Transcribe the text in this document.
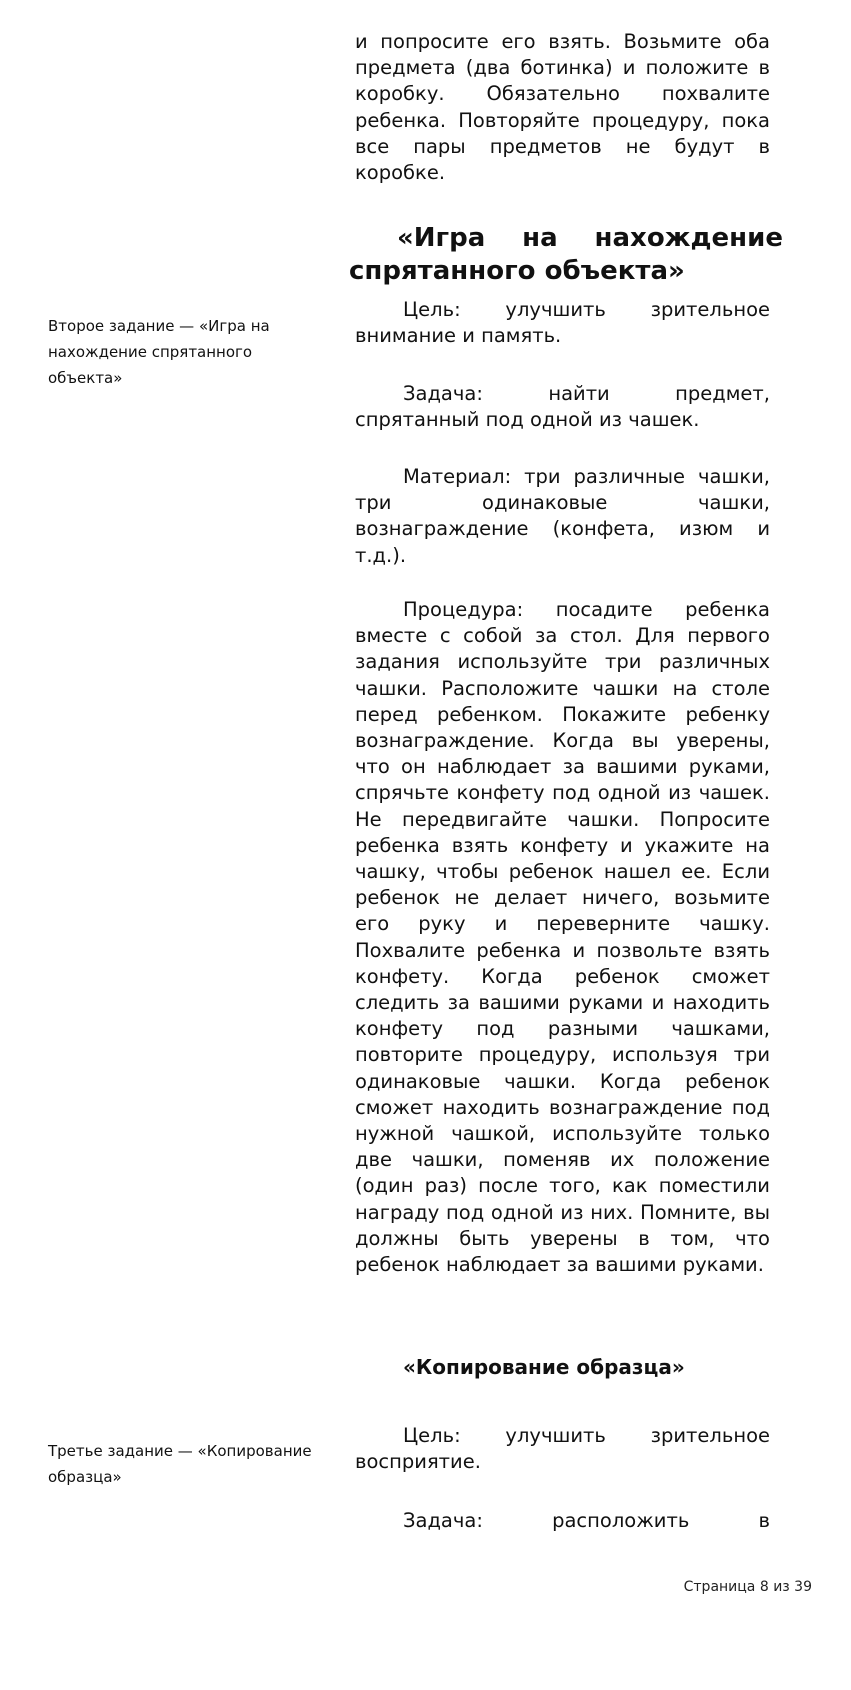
и попросите его взять. Возьмите оба предмета (два ботинка) и положите в коробку. Обязательно похвалите ребенка. Повторяйте процедуру, пока все пары предметов не будут в коробке.

«Игра на нахождение спрятанного объекта»

Второе задание — «Игра на нахождение спрятанного объекта»

Цель: улучшить зрительное внимание и память.

Задача: найти предмет, спрятанный под одной из чашек.

Материал: три различные чашки, три одинаковые чашки, вознаграждение (конфета, изюм и т.д.).

Процедура: посадите ребенка вместе с собой за стол. Для первого задания используйте три различных чашки. Расположите чашки на столе перед ребенком. Покажите ребенку вознаграждение. Когда вы уверены, что он наблюдает за вашими руками, спрячьте конфету под одной из чашек. Не передвигайте чашки. Попросите ребенка взять конфету и укажите на чашку, чтобы ребенок нашел ее. Если ребенок не делает ничего, возьмите его руку и переверните чашку. Похвалите ребенка и позвольте взять конфету. Когда ребенок сможет следить за вашими руками и находить конфету под разными чашками, повторите процедуру, используя три одинаковые чашки. Когда ребенок сможет находить вознаграждение под нужной чашкой, используйте только две чашки, поменяв их положение (один раз) после того, как поместили награду под одной из них. Помните, вы должны быть уверены в том, что ребенок наблюдает за вашими руками.

«Копирование образца»

Третье задание — «Копирование образца»

Цель: улучшить зрительное восприятие.

Задача: расположить в

Страница 8 из 39
